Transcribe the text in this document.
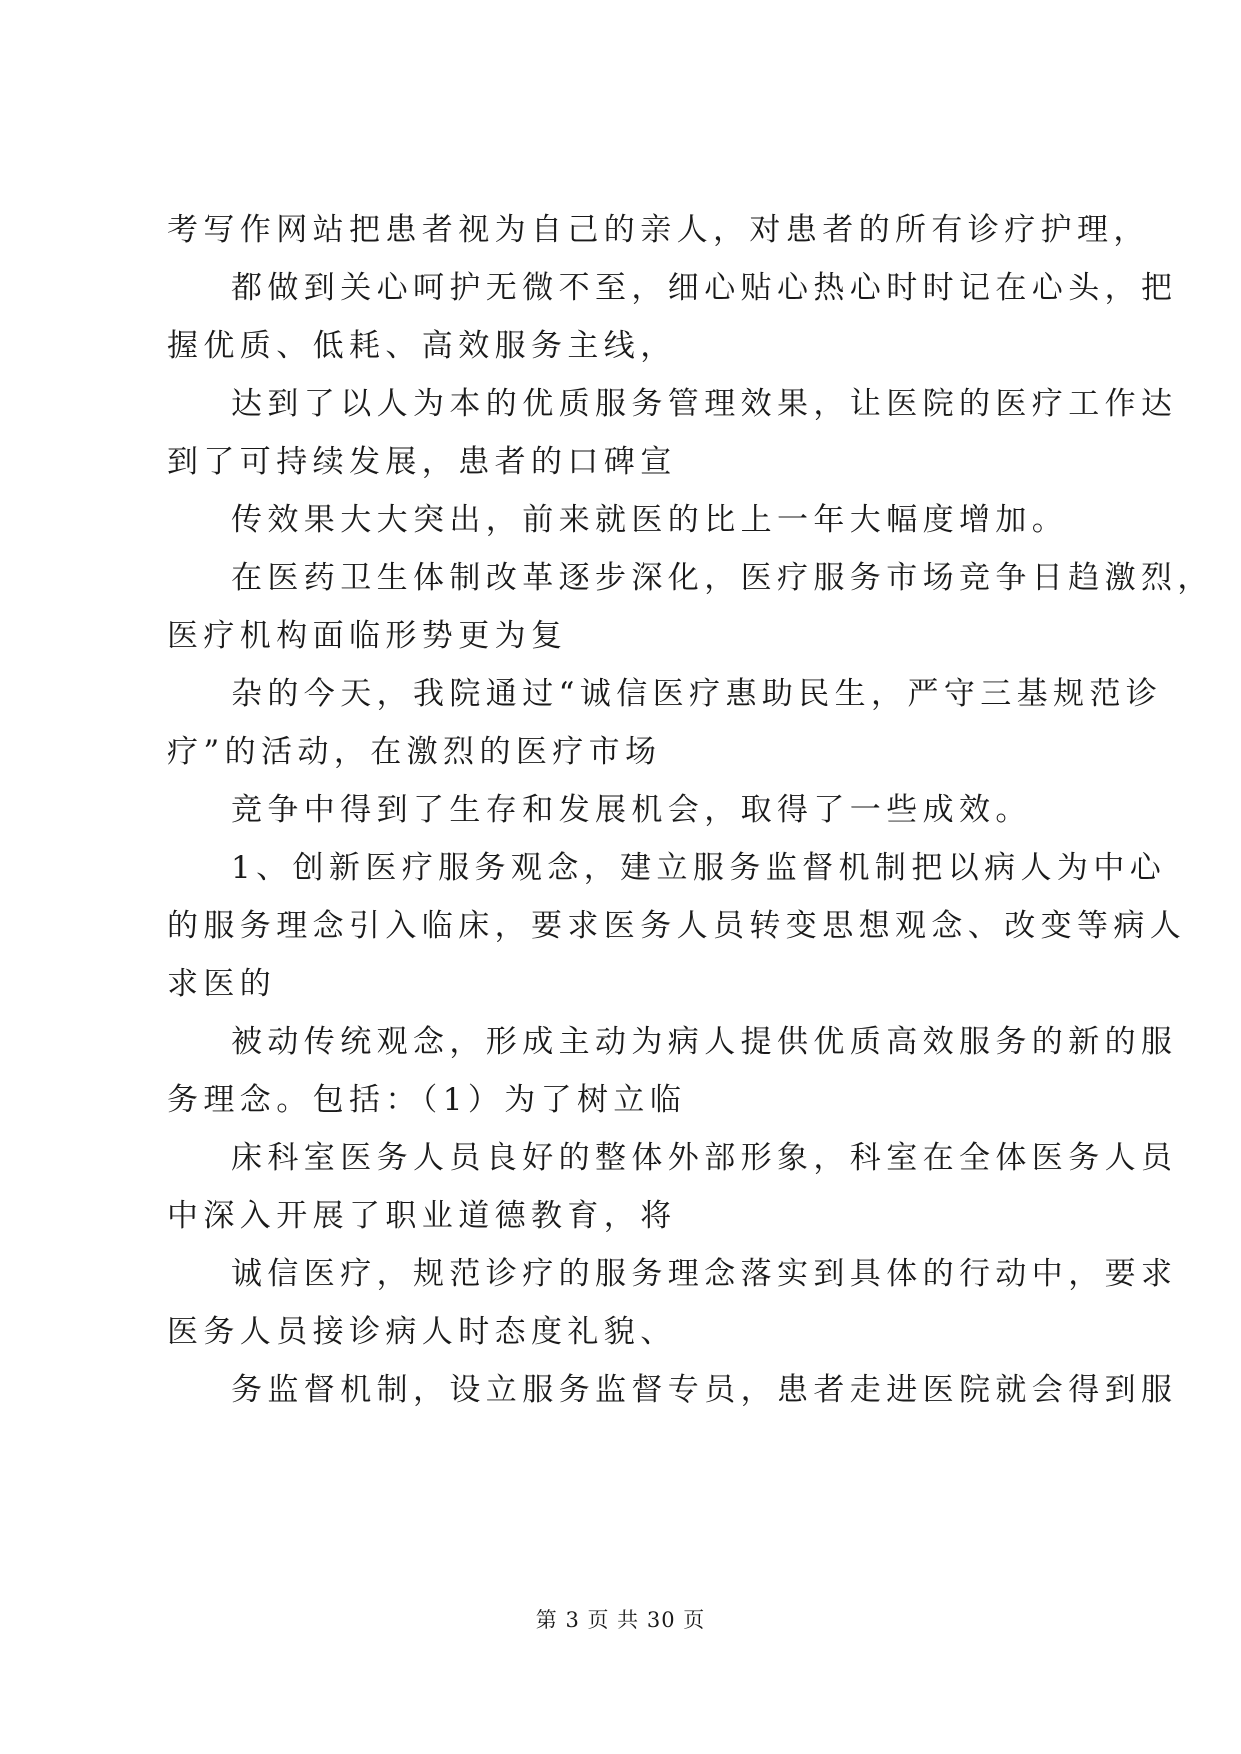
考写作网站把患者视为自己的亲人，对患者的所有诊疗护理，
都做到关心呵护无微不至，细心贴心热心时时记在心头，把
握优质、低耗、高效服务主线，
达到了以人为本的优质服务管理效果，让医院的医疗工作达
到了可持续发展，患者的口碑宣
传效果大大突出，前来就医的比上一年大幅度增加。
在医药卫生体制改革逐步深化，医疗服务市场竞争日趋激烈，
医疗机构面临形势更为复
杂的今天，我院通过“诚信医疗惠助民生，严守三基规范诊
疗”的活动，在激烈的医疗市场
竞争中得到了生存和发展机会，取得了一些成效。
1、创新医疗服务观念，建立服务监督机制把以病人为中心
的服务理念引入临床，要求医务人员转变思想观念、改变等病人
求医的
被动传统观念，形成主动为病人提供优质高效服务的新的服
务理念。包括：（1）为了树立临
床科室医务人员良好的整体外部形象，科室在全体医务人员
中深入开展了职业道德教育，将
诚信医疗，规范诊疗的服务理念落实到具体的行动中，要求
医务人员接诊病人时态度礼貌、
务监督机制，设立服务监督专员，患者走进医院就会得到服
第 3 页 共 30 页
